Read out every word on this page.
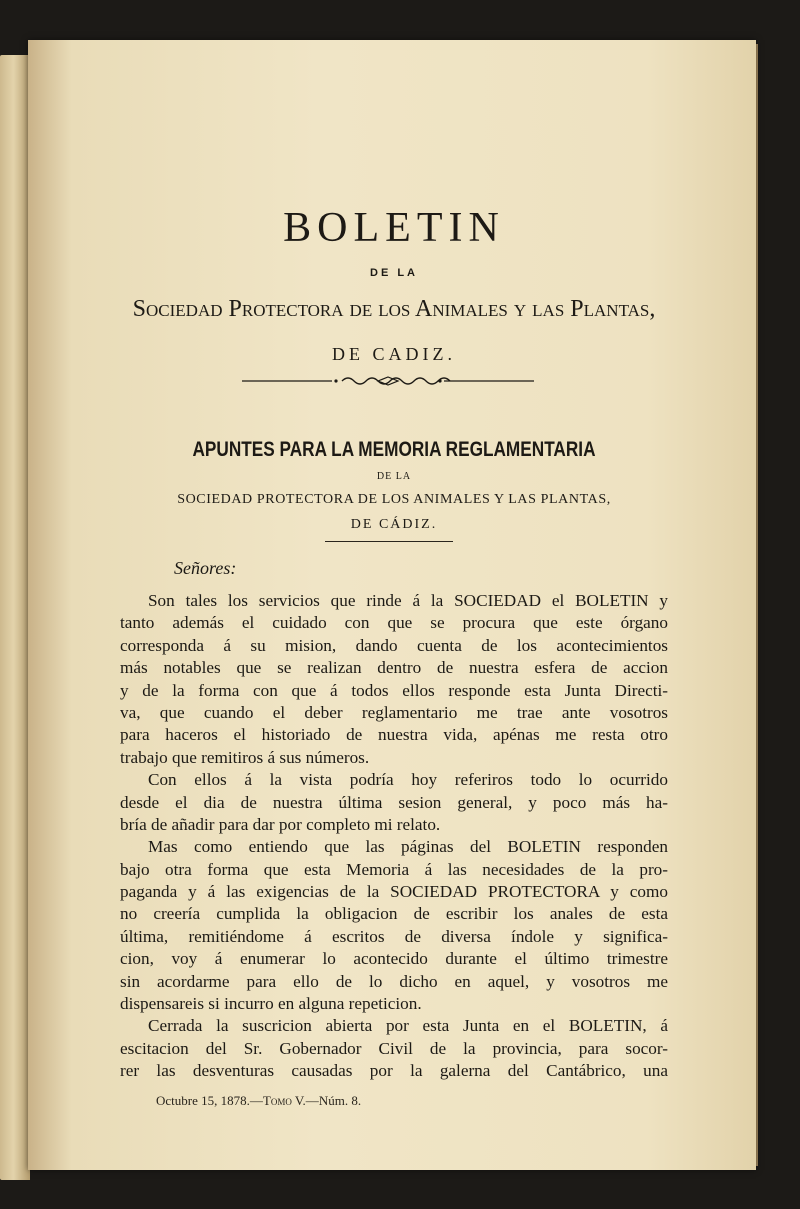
BOLETIN
DE LA
Sociedad Protectora de los Animales y las Plantas,
DE CADIZ.
APUNTES PARA LA MEMORIA REGLAMENTARIA
DE LA
SOCIEDAD PROTECTORA DE LOS ANIMALES Y LAS PLANTAS,
DE CÁDIZ.
Señores:
Son tales los servicios que rinde á la SOCIEDAD el BOLETIN y
tanto además el cuidado con que se procura que este órgano
corresponda á su mision, dando cuenta de los acontecimientos
más notables que se realizan dentro de nuestra esfera de accion
y de la forma con que á todos ellos responde esta Junta Directi-
va, que cuando el deber reglamentario me trae ante vosotros
para haceros el historiado de nuestra vida, apénas me resta otro
trabajo que remitiros á sus números.
Con ellos á la vista podría hoy referiros todo lo ocurrido
desde el dia de nuestra última sesion general, y poco más ha-
bría de añadir para dar por completo mi relato.
Mas como entiendo que las páginas del BOLETIN responden
bajo otra forma que esta Memoria á las necesidades de la pro-
paganda y á las exigencias de la SOCIEDAD PROTECTORA y como
no creería cumplida la obligacion de escribir los anales de esta
última, remitiéndome á escritos de diversa índole y significa-
cion, voy á enumerar lo acontecido durante el último trimestre
sin acordarme para ello de lo dicho en aquel, y vosotros me
dispensareis si incurro en alguna repeticion.
Cerrada la suscricion abierta por esta Junta en el BOLETIN, á
escitacion del Sr. Gobernador Civil de la provincia, para socor-
rer las desventuras causadas por la galerna del Cantábrico, una
Octubre 15, 1878.—Tomo V.—Núm. 8.
